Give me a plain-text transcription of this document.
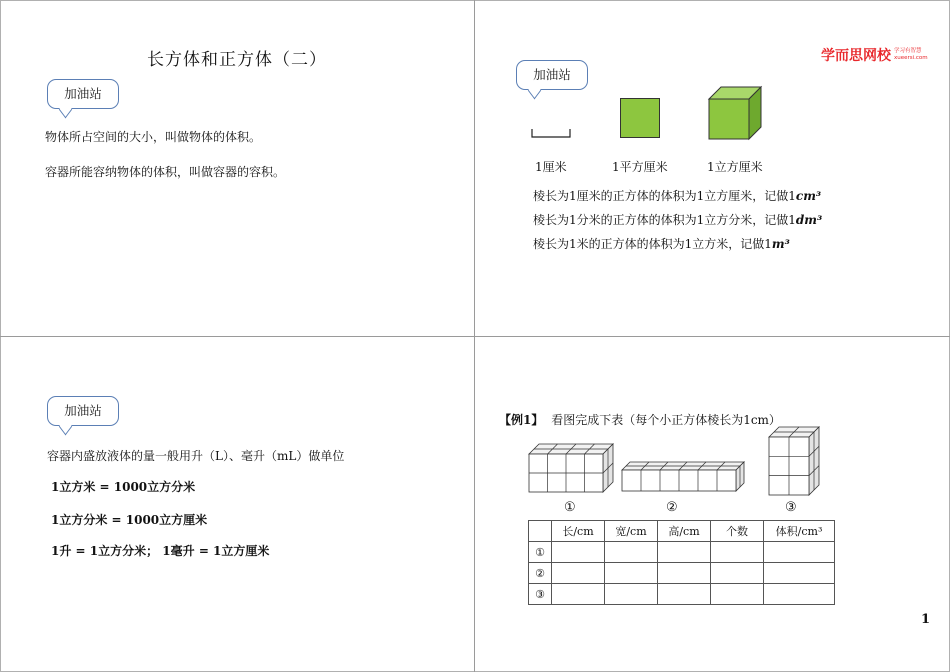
长方体和正方体（二）
加油站
物体所占空间的大小，叫做物体的体积。
容器所能容纳物体的体积，叫做容器的容积。
学而思网校 学习有智慧
xueersi.com
加油站
1厘米	1平方厘米	1立方厘米
棱长为1厘米的正方体的体积为1立方厘米，记做1cm³
棱长为1分米的正方体的体积为1立方分米，记做1dm³
棱长为1米的正方体的体积为1立方米，记做1m³
加油站
容器内盛放液体的量一般用升（L）、毫升（mL）做单位
1立方米 = 1000立方分米
1立方分米 = 1000立方厘米
1升 = 1立方分米； 1毫升 = 1立方厘米
【例1】 看图完成下表（每个小正方体棱长为1cm）
①	②	③
	长/cm	宽/cm	高/cm	个数	体积/cm³
①					
②					
③					
1
